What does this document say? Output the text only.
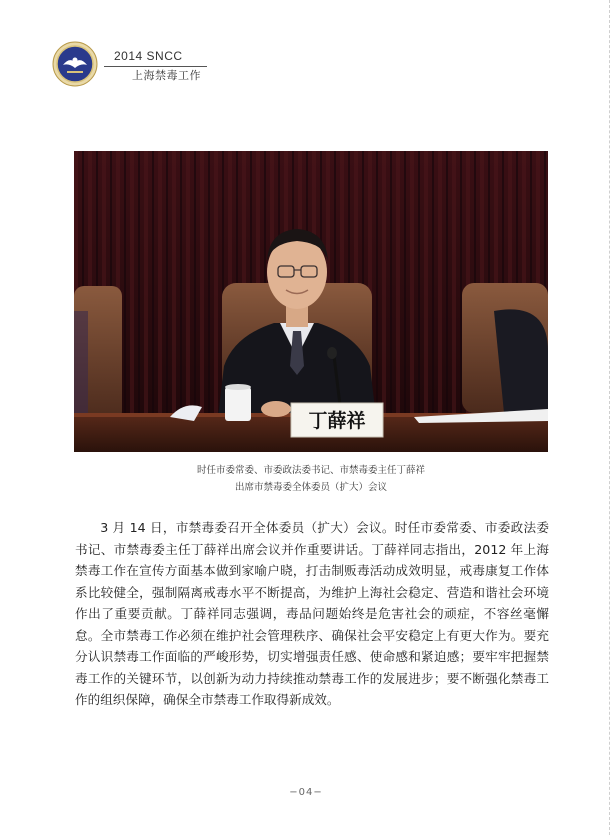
2014 SNCC
上海禁毒工作
丁薛祥
时任市委常委、市委政法委书记、市禁毒委主任丁薛祥
出席市禁毒委全体委员（扩大）会议
3 月 14 日，市禁毒委召开全体委员（扩大）会议。时任市委常委、市委政法委书记、市禁毒委主任丁薛祥出席会议并作重要讲话。丁薛祥同志指出，2012 年上海禁毒工作在宣传方面基本做到家喻户晓，打击制贩毒活动成效明显，戒毒康复工作体系比较健全，强制隔离戒毒水平不断提高，为维护上海社会稳定、营造和谐社会环境作出了重要贡献。丁薛祥同志强调，毒品问题始终是危害社会的顽症，不容丝毫懈怠。全市禁毒工作必须在维护社会管理秩序、确保社会平安稳定上有更大作为。要充分认识禁毒工作面临的严峻形势，切实增强责任感、使命感和紧迫感；要牢牢把握禁毒工作的关键环节，以创新为动力持续推动禁毒工作的发展进步；要不断强化禁毒工作的组织保障，确保全市禁毒工作取得新成效。
−04−
